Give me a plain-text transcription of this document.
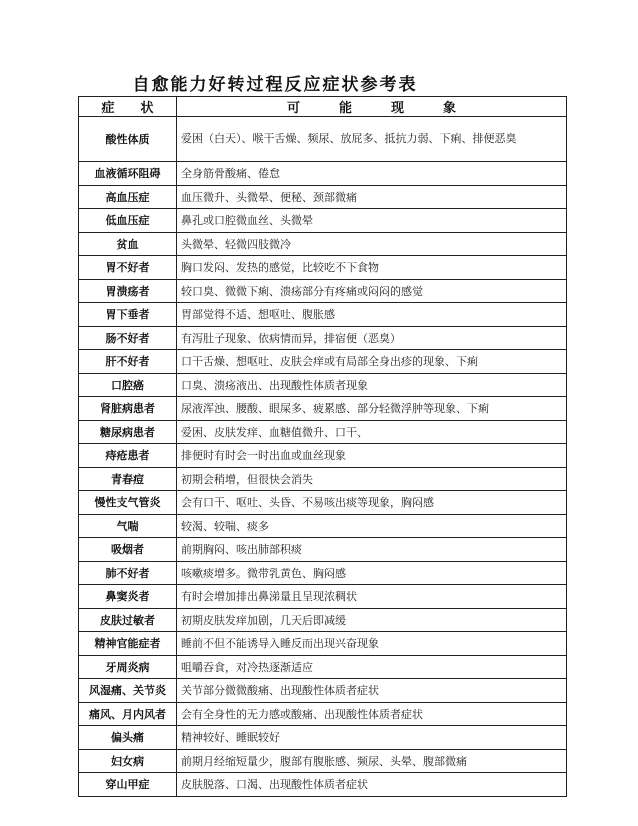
自愈能力好转过程反应症状参考表
症　　状	可　　　能　　　现　　　象
酸性体质	爱困（白天）、喉干舌燥、频尿、放屁多、抵抗力弱、下痢、排便恶臭
血液循环阻碍	全身筋骨酸痛、倦怠
高血压症	血压微升、头微晕、便秘、颈部微痛
低血压症	鼻孔或口腔微血丝、头微晕
贫血	头微晕、轻微四肢微冷
胃不好者	胸口发闷、发热的感觉，比较吃不下食物
胃溃疡者	较口臭、微微下痢、溃疡部分有疼痛或闷闷的感觉
胃下垂者	胃部觉得不适、想呕吐、腹胀感
肠不好者	有泻肚子现象、依病情而异，排宿便（恶臭）
肝不好者	口干舌燥、想呕吐、皮肤会痒或有局部全身出疹的现象、下痢
口腔癌	口臭、溃疡液出、出现酸性体质者现象
肾脏病患者	尿液浑浊、腰酸、眼屎多、疲累感、部分轻微浮肿等现象、下痢
糖尿病患者	爱困、皮肤发痒、血糖值微升、口干、
痔疮患者	排便时有时会一时出血或血丝现象
青春痘	初期会稍增，但很快会消失
慢性支气管炎	会有口干、呕吐、头昏、不易咳出痰等现象，胸闷感
气喘	较渴、较喘、痰多
吸烟者	前期胸闷、咳出肺部积痰
肺不好者	咳嗽痰增多。微带乳黄色、胸闷感
鼻窦炎者	有时会增加排出鼻涕量且呈现浓稠状
皮肤过敏者	初期皮肤发痒加剧，几天后即减缓
精神官能症者	睡前不但不能诱导入睡反而出现兴奋现象
牙周炎病	咀嚼吞食，对冷热逐渐适应
风湿痛、关节炎	关节部分微微酸痛、出现酸性体质者症状
痛风、月内风者	会有全身性的无力感或酸痛、出现酸性体质者症状
偏头痛	精神较好、睡眠较好
妇女病	前期月经缩短量少，腹部有腹胀感、频尿、头晕、腹部微痛
穿山甲症	皮肤脱落、口渴、出现酸性体质者症状
